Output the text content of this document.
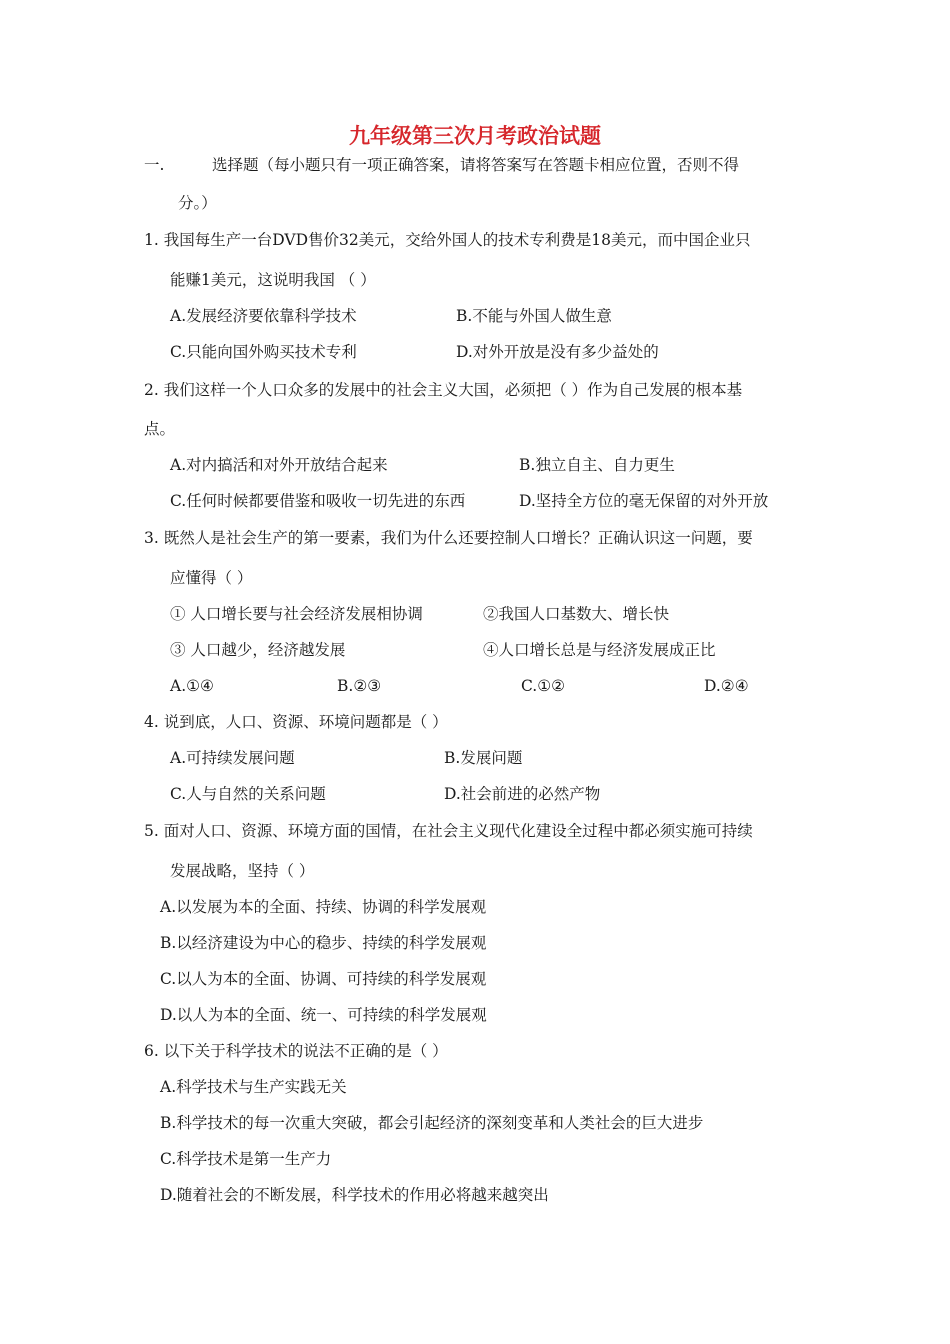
九年级第三次月考政治试题
一.	选择题（每小题只有一项正确答案，请将答案写在答题卡相应位置，否则不得
分。）
1. 我国每生产一台DVD售价32美元，交给外国人的技术专利费是18美元，而中国企业只
能赚1美元，这说明我国 （ ）
A.发展经济要依靠科学技术	B.不能与外国人做生意
C.只能向国外购买技术专利	D.对外开放是没有多少益处的
2. 我们这样一个人口众多的发展中的社会主义大国，必须把（ ）作为自己发展的根本基
点。
A.对内搞活和对外开放结合起来	B.独立自主、自力更生
C.任何时候都要借鉴和吸收一切先进的东西	D.坚持全方位的毫无保留的对外开放
3. 既然人是社会生产的第一要素，我们为什么还要控制人口增长？正确认识这一问题，要
应懂得（ ）
① 人口增长要与社会经济发展相协调	②我国人口基数大、增长快
③ 人口越少，经济越发展	④人口增长总是与经济发展成正比
A.①④	B.②③	C.①②	D.②④
4. 说到底，人口、资源、环境问题都是（ ）
A.可持续发展问题	B.发展问题
C.人与自然的关系问题	D.社会前进的必然产物
5. 面对人口、资源、环境方面的国情，在社会主义现代化建设全过程中都必须实施可持续
发展战略，坚持（ ）
A.以发展为本的全面、持续、协调的科学发展观
B.以经济建设为中心的稳步、持续的科学发展观
C.以人为本的全面、协调、可持续的科学发展观
D.以人为本的全面、统一、可持续的科学发展观
6. 以下关于科学技术的说法不正确的是（ ）
A.科学技术与生产实践无关
B.科学技术的每一次重大突破，都会引起经济的深刻变革和人类社会的巨大进步
C.科学技术是第一生产力
D.随着社会的不断发展，科学技术的作用必将越来越突出
